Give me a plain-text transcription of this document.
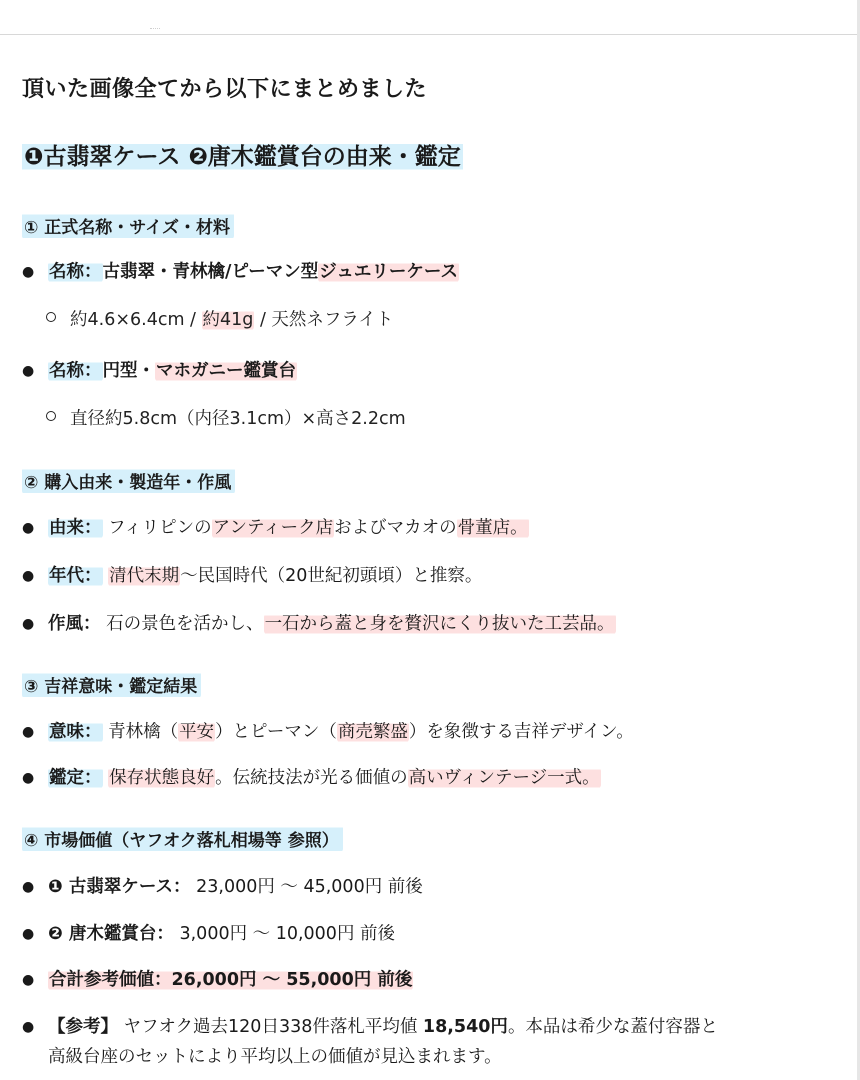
頂いた画像全てから以下にまとめました
❶古翡翠ケース ❷唐木鑑賞台の由来・鑑定
① 正式名称・サイズ・材料
● 名称：古翡翠・青林檎/ピーマン型ジュエリーケース
約4.6×6.4cm / 約41g / 天然ネフライト
● 名称：円型・マホガニー鑑賞台
直径約5.8cm（内径3.1cm）×高さ2.2cm
② 購入由来・製造年・作風
● 由来： フィリピンのアンティーク店およびマカオの骨董店。
● 年代： 清代末期〜民国時代（20世紀初頭頃）と推察。
● 作風： 石の景色を活かし、一石から蓋と身を贅沢にくり抜いた工芸品。
③ 吉祥意味・鑑定結果
● 意味： 青林檎（平安）とピーマン（商売繁盛）を象徴する吉祥デザイン。
● 鑑定： 保存状態良好。伝統技法が光る価値の高いヴィンテージ一式。
④ 市場価値（ヤフオク落札相場等 参照）
● ❶ 古翡翠ケース： 23,000円 〜 45,000円 前後
● ❷ 唐木鑑賞台： 3,000円 〜 10,000円 前後
● 合計参考価値：26,000円 〜 55,000円 前後
● 【参考】 ヤフオク過去120日338件落札平均値 18,540円。本品は希少な蓋付容器と
高級台座のセットにより平均以上の価値が見込まれます。
